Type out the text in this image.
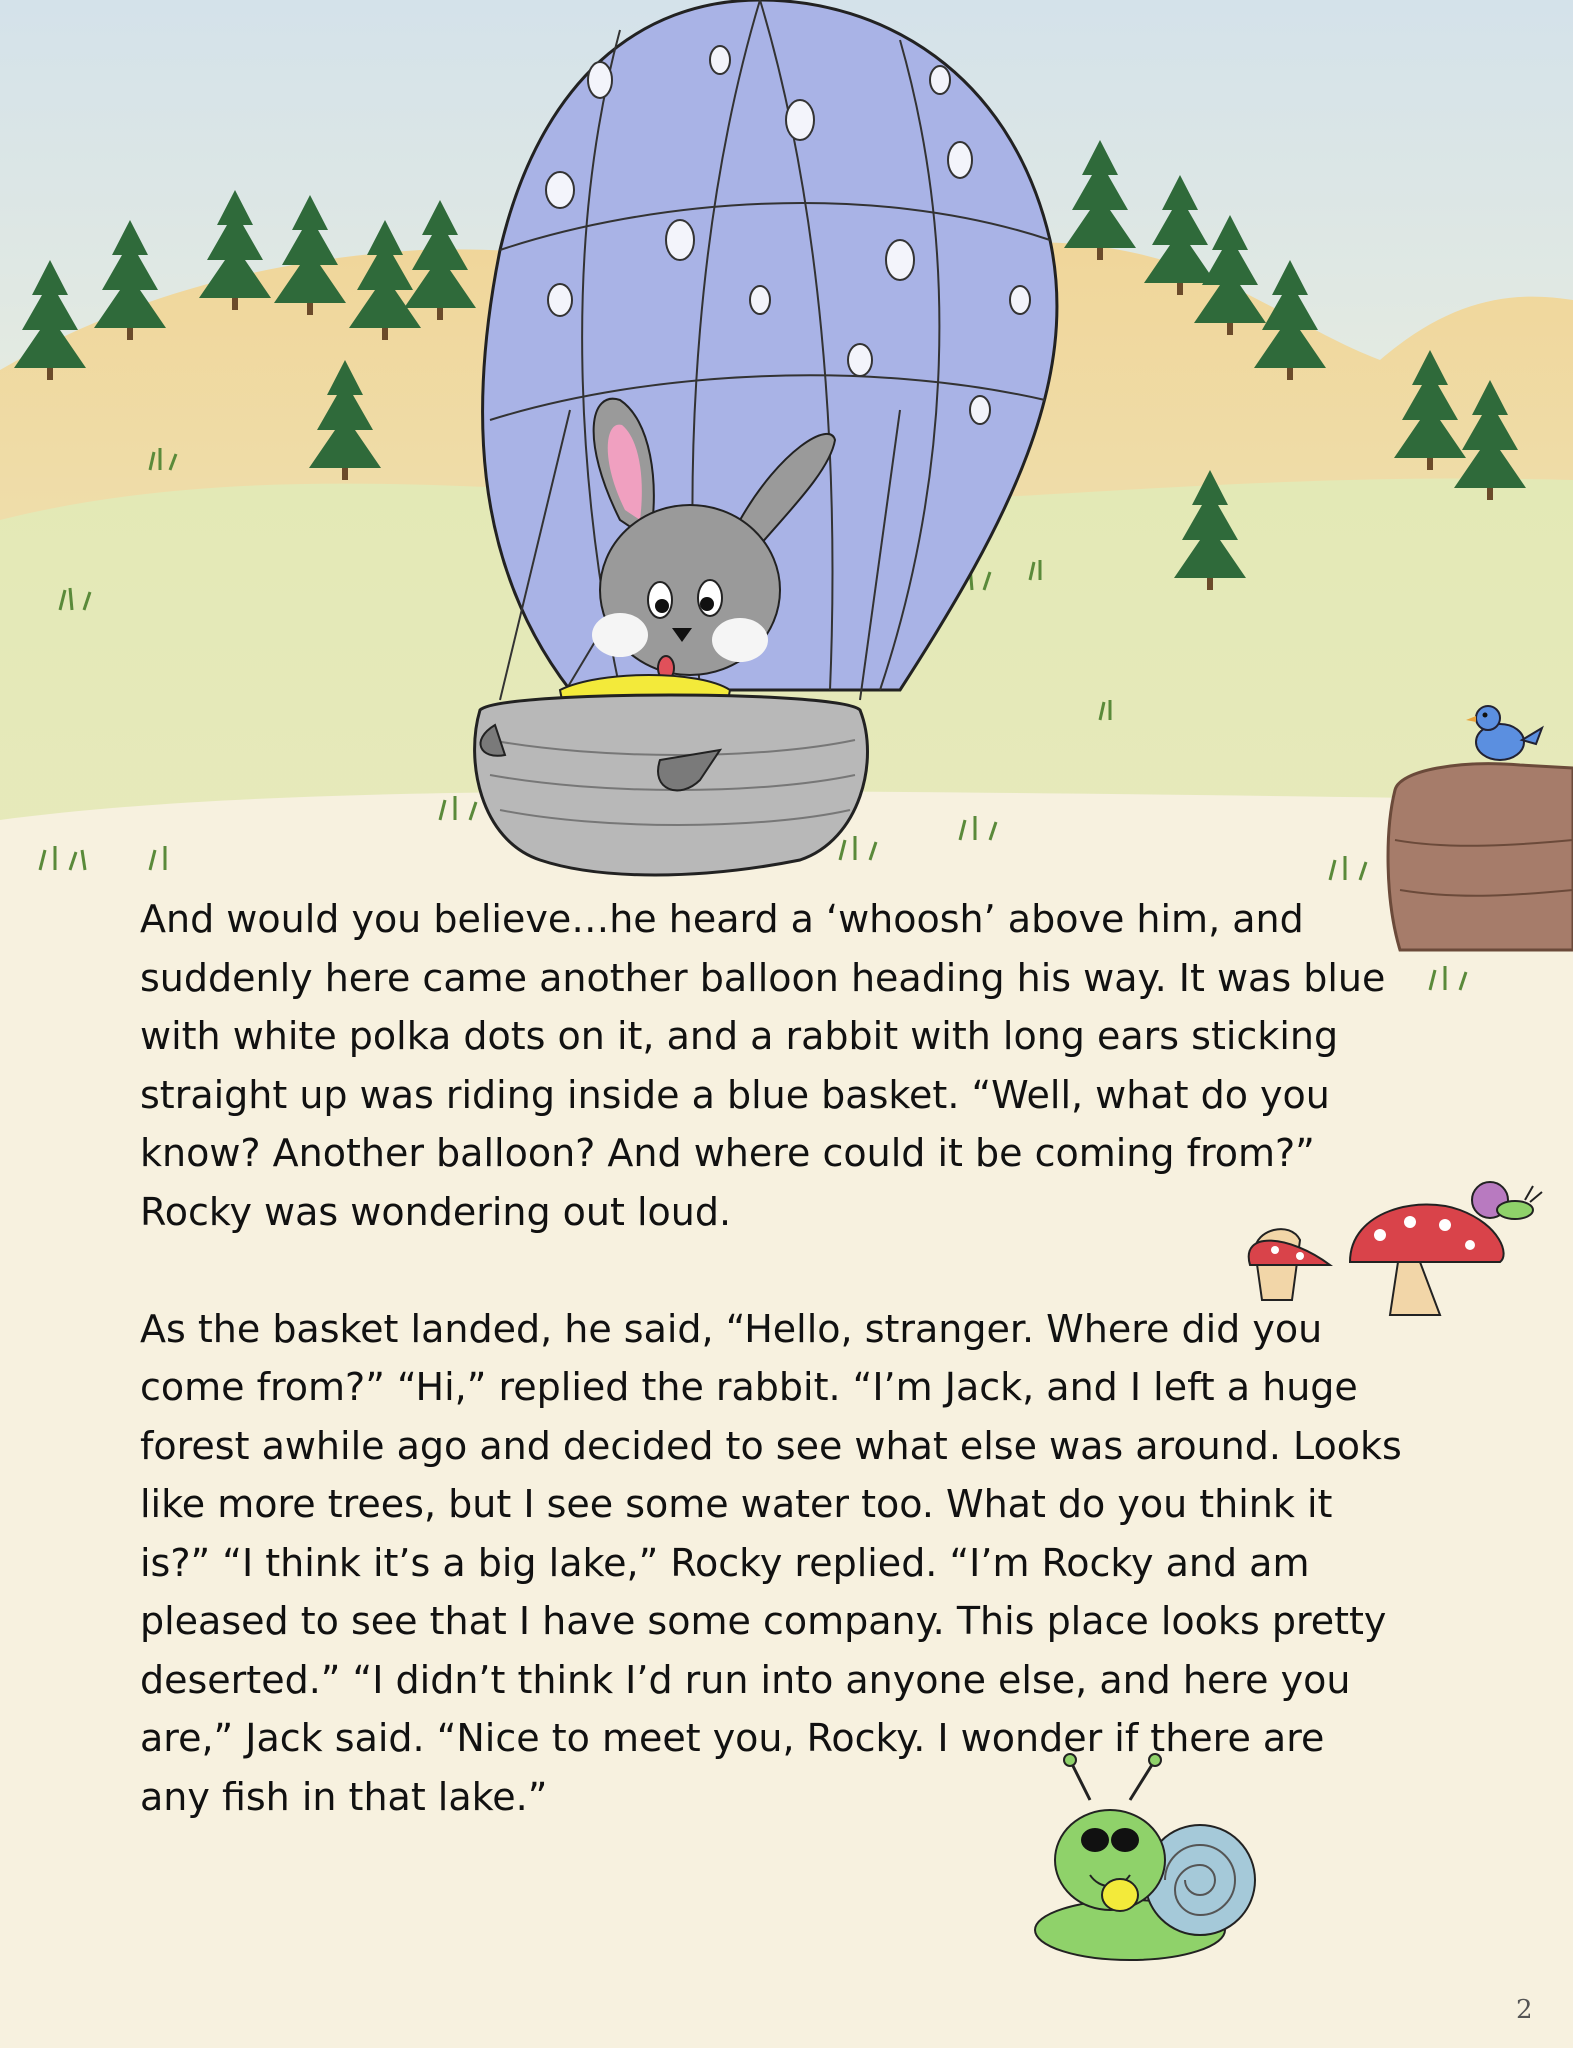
And would you believe…he heard a ‘whoosh’ above him, and
suddenly here came another balloon heading his way. It was blue
with white polka dots on it, and a rabbit with long ears sticking
straight up was riding inside a blue basket. “Well, what do you
know? Another balloon? And where could it be coming from?”
Rocky was wondering out loud.

As the basket landed, he said, “Hello, stranger. Where did you
come from?” “Hi,” replied the rabbit. “I’m Jack, and I left a huge
forest awhile ago and decided to see what else was around. Looks
like more trees, but I see some water too. What do you think it
is?” “I think it’s a big lake,” Rocky replied. “I’m Rocky and am
pleased to see that I have some company. This place looks pretty
deserted.” “I didn’t think I’d run into anyone else, and here you
are,” Jack said. “Nice to meet you, Rocky. I wonder if there are
any fish in that lake.”

2
